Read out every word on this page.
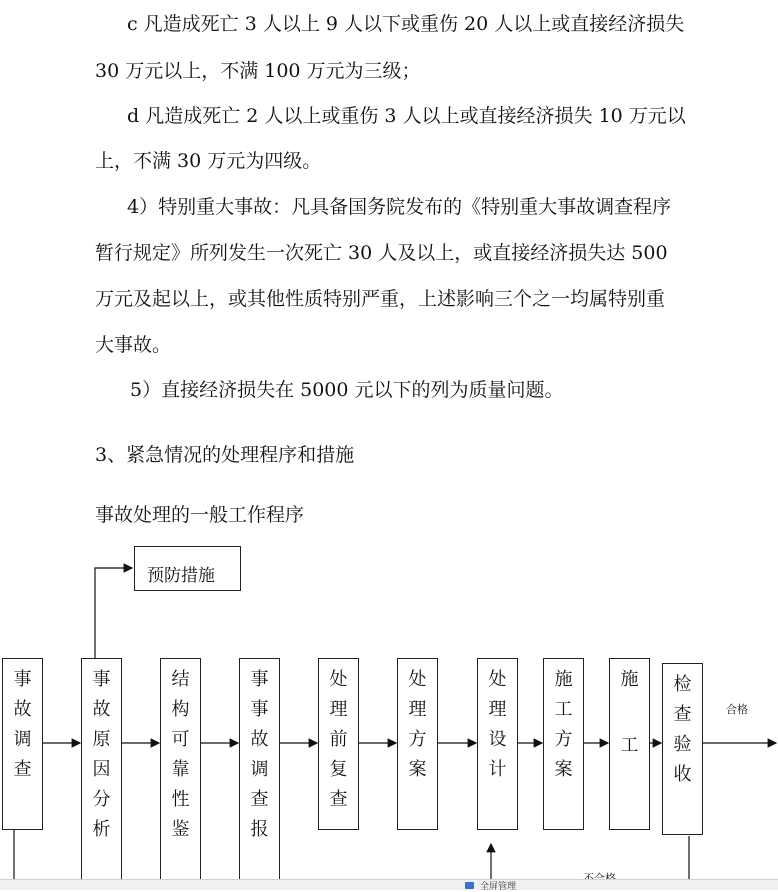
c 凡造成死亡 3 人以上 9 人以下或重伤 20 人以上或直接经济损失
30 万元以上，不满 100 万元为三级；
d 凡造成死亡 2 人以上或重伤 3 人以上或直接经济损失 10 万元以
上，不满 30 万元为四级。
4）特别重大事故：凡具备国务院发布的《特别重大事故调查程序
暂行规定》所列发生一次死亡 30 人及以上，或直接经济损失达 500
万元及起以上，或其他性质特别严重，上述影响三个之一均属特别重
大事故。
5）直接经济损失在 5000 元以下的列为质量问题。
3、紧急情况的处理程序和措施
事故处理的一般工作程序
预防措施
事故调查	事故原因分析	结构可靠性鉴	事事故调查报	处理前复查	处理方案	处理设计	施工方案	施工 检查验收	合格
全屏管理
